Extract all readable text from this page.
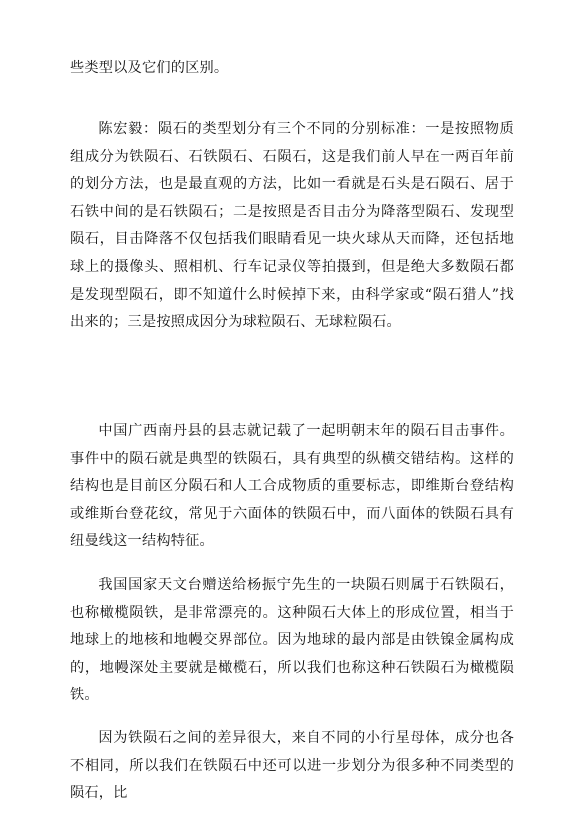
些类型以及它们的区别。

陈宏毅：陨石的类型划分有三个不同的分别标准：一是按照物质组成分为铁陨石、石铁陨石、石陨石，这是我们前人早在一两百年前的划分方法，也是最直观的方法，比如一看就是石头是石陨石、居于石铁中间的是石铁陨石；二是按照是否目击分为降落型陨石、发现型陨石，目击降落不仅包括我们眼睛看见一块火球从天而降，还包括地球上的摄像头、照相机、行车记录仪等拍摄到，但是绝大多数陨石都是发现型陨石，即不知道什么时候掉下来，由科学家或“陨石猎人”找出来的；三是按照成因分为球粒陨石、无球粒陨石。

中国广西南丹县的县志就记载了一起明朝末年的陨石目击事件。事件中的陨石就是典型的铁陨石，具有典型的纵横交错结构。这样的结构也是目前区分陨石和人工合成物质的重要标志，即维斯台登结构或维斯台登花纹，常见于六面体的铁陨石中，而八面体的铁陨石具有纽曼线这一结构特征。

我国国家天文台赠送给杨振宁先生的一块陨石则属于石铁陨石，也称橄榄陨铁，是非常漂亮的。这种陨石大体上的形成位置，相当于地球上的地核和地幔交界部位。因为地球的最内部是由铁镍金属构成的，地幔深处主要就是橄榄石，所以我们也称这种石铁陨石为橄榄陨铁。

因为铁陨石之间的差异很大，来自不同的小行星母体，成分也各不相同，所以我们在铁陨石中还可以进一步划分为很多种不同类型的陨石，比
